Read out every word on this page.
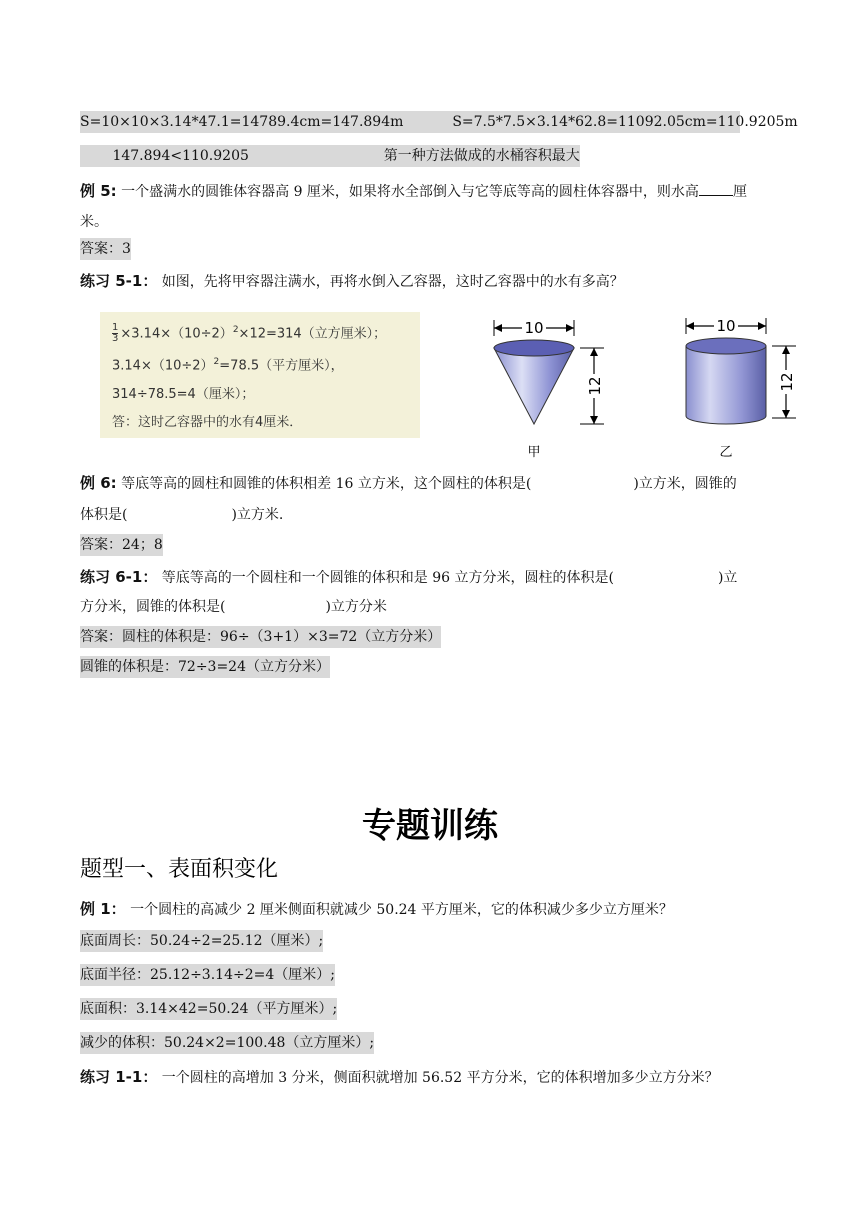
S=10×10×3.14*47.1=14789.4cm=147.894m	S=7.5*7.5×3.14*62.8=11092.05cm=110.9205m
147.894<110.9205	第一种方法做成的水桶容积最大
例 5: 一个盛满水的圆锥体容器高 9 厘米，如果将水全部倒入与它等底等高的圆柱体容器中，则水高 厘
米。
答案：3
练习 5-1： 如图，先将甲容器注满水，再将水倒入乙容器，这时乙容器中的水有多高？
$\frac{1}{3} \times 3.14\times(10\div 2)^2\times 12=314$（立方厘米）；
$3.14\times(10\div 2)^2=78.5$（平方厘米），
314÷78.5=4（厘米）；
答：这时乙容器中的水有4厘米．
10
12
甲
10
12
乙
例 6: 等底等高的圆柱和圆锥的体积相差 16 立方米，这个圆柱的体积是(	)立方米，圆锥的
体积是(	)立方米.
答案：24；8
练习 6-1： 等底等高的一个圆柱和一个圆锥的体积和是 96 立方分米，圆柱的体积是(	)立
方分米，圆锥的体积是(	)立方分米
答案：圆柱的体积是：96÷（3+1）×3=72（立方分米）
圆锥的体积是：72÷3=24（立方分米）
专题训练
题型一、表面积变化
例 1： 一个圆柱的高减少 2 厘米侧面积就减少 50.24 平方厘米，它的体积减少多少立方厘米？
底面周长：50.24÷2=25.12（厘米）;
底面半径：25.12÷3.14÷2=4（厘米）;
底面积：3.14×42=50.24（平方厘米）;
减少的体积：50.24×2=100.48（立方厘米）;
练习 1-1： 一个圆柱的高增加 3 分米，侧面积就增加 56.52 平方分米，它的体积增加多少立方分米？
